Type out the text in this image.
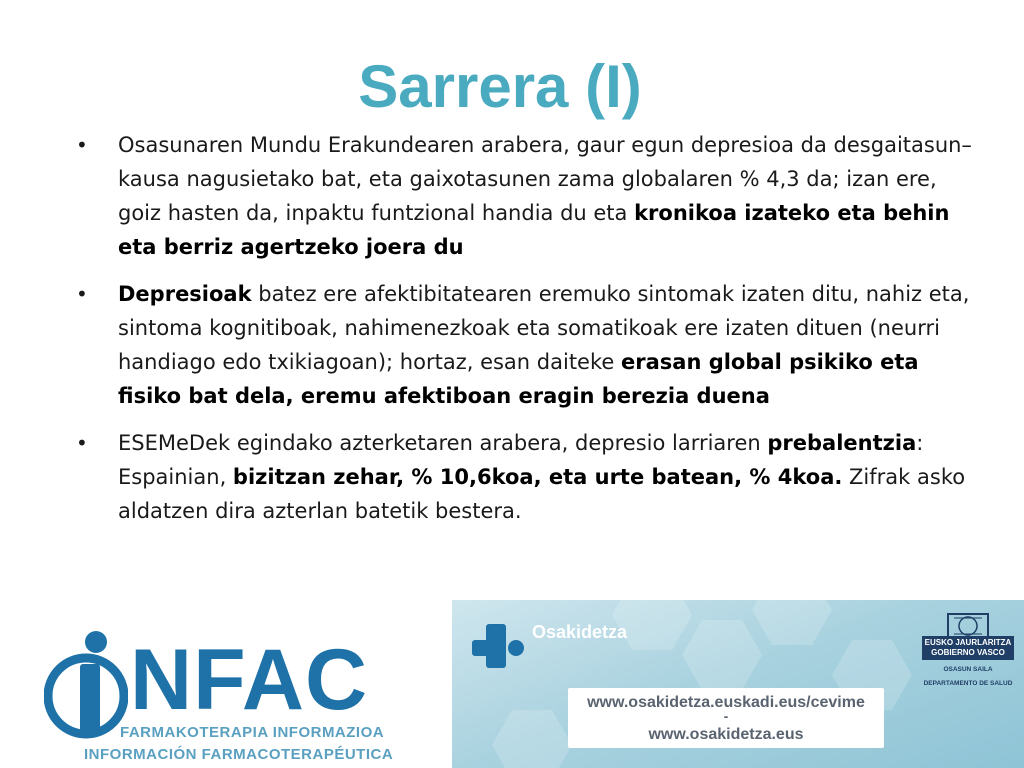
Sarrera (I)
•	Osasunaren Mundu Erakundearen arabera, gaur egun depresioa da desgaitasun–kausa nagusietako bat, eta gaixotasunen zama globalaren % 4,3 da; izan ere, goiz hasten da, inpaktu funtzional handia du eta kronikoa izateko eta behin eta berriz agertzeko joera du
•	Depresioak batez ere afektibitatearen eremuko sintomak izaten ditu, nahiz eta, sintoma kognitiboak, nahimenezkoak eta somatikoak ere izaten dituen (neurri handiago edo txikiagoan); hortaz, esan daiteke erasan global psikiko eta fisiko bat dela, eremu afektiboan eragin berezia duena
•	ESEMeDek egindako azterketaren arabera, depresio larriaren prebalentzia: Espainian, bizitzan zehar, % 10,6koa, eta urte batean, % 4koa. Zifrak asko aldatzen dira azterlan batetik bestera.
NFAC
FARMAKOTERAPIA INFORMAZIOA
INFORMACIÓN FARMACOTERAPÉUTICA
Osakidetza
www.osakidetza.euskadi.eus/cevime
-
www.osakidetza.eus
EUSKO JAURLARITZA
GOBIERNO VASCO
OSASUN SAILA
DEPARTAMENTO DE SALUD
